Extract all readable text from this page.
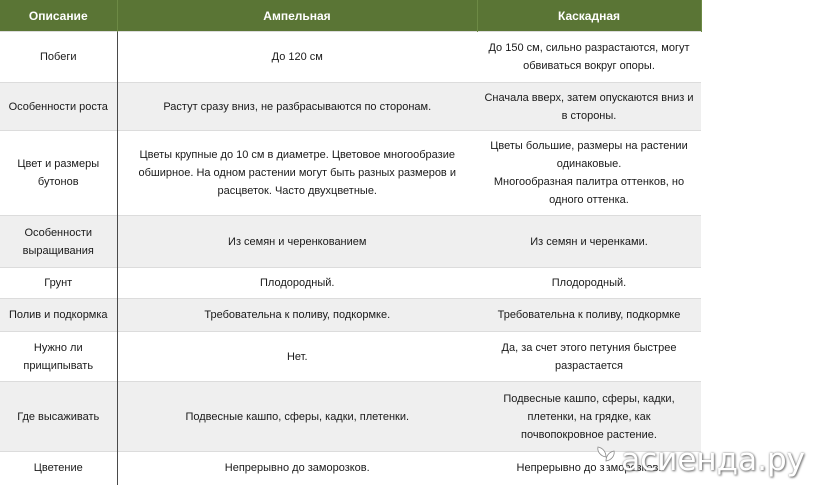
Описание	Ампельная	Каскадная

Побеги	До 120 см	До 150 см, сильно разрастаются, могут
обвиваться вокруг опоры.

Особенности роста	Растут сразу вниз, не разбрасываются по сторонам.	Сначала вверх, затем опускаются вниз и
в стороны.

Цвет и размеры
бутонов	Цветы крупные до 10 см в диаметре. Цветовое многообразие
обширное. На одном растении могут быть разных размеров и
расцветок. Часто двухцветные.	Цветы большие, размеры на растении
одинаковые.
Многообразная палитра оттенков, но
одного оттенка.

Особенности
выращивания	Из семян и черенкованием	Из семян и черенками.

Грунт	Плодородный.	Плодородный.

Полив и подкормка	Требовательна к поливу, подкормке.	Требовательна к поливу, подкормке

Нужно ли
прищипывать	Нет.	Да, за счет этого петуния быстрее
разрастается

Где высаживать	Подвесные кашпо, сферы, кадки, плетенки.	Подвесные кашпо, сферы, кадки,
плетенки, на грядке, как
почвопокровное растение.

Цветение	Непрерывно до заморозков.	Непрерывно до заморозков.
асиенда.ру
